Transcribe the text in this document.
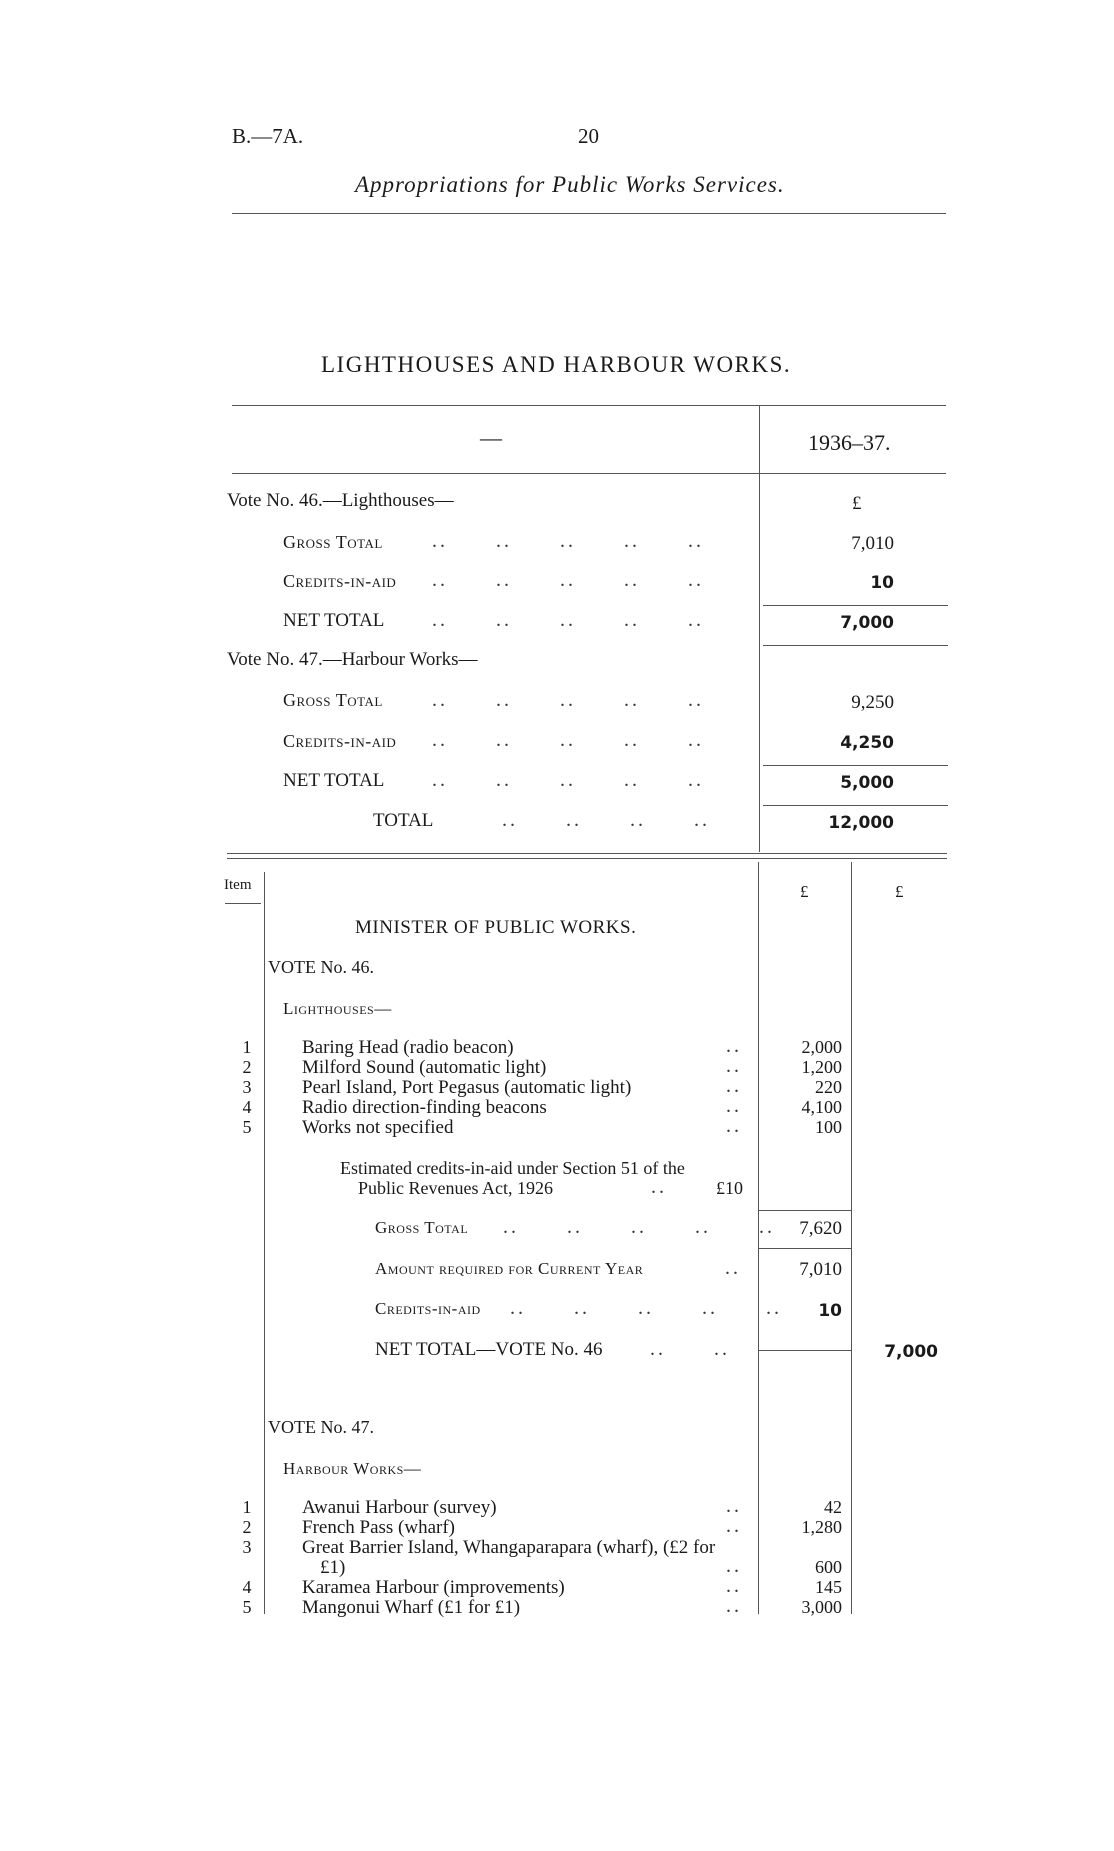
B.—7A.	20
Appropriations for Public Works Services.
LIGHTHOUSES AND HARBOUR WORKS.
—	1936–37.
£
Vote No. 46.—Lighthouses—
Gross Total ..      ..      ..      ..      ..	7,010
Credits-in-aid ..      ..      ..      ..      ..	10
NET TOTAL ..      ..      ..      ..      ..	7,000
Vote No. 47.—Harbour Works—
Gross Total ..      ..      ..      ..      ..	9,250
Credits-in-aid ..      ..      ..      ..      ..	4,250
NET TOTAL ..      ..      ..      ..      ..	5,000
TOTAL	..      ..      ..      ..	12,000
Item	£	£
MINISTER OF PUBLIC WORKS.
VOTE No. 46.
Lighthouses—
1	Baring Head (radio beacon)	..	2,000
2	Milford Sound (automatic light)	..	1,200
3	Pearl Island, Port Pegasus (automatic light)	..	220
4	Radio direction-finding beacons	..	4,100
5	Works not specified	..	100
Estimated credits-in-aid under Section 51 of the
Public Revenues Act, 1926	..	£10
Gross Total ..      ..      ..      ..      ..	7,620
Amount required for Current Year	..	7,010
Credits-in-aid ..      ..      ..      ..      ..	10
NET TOTAL—VOTE No. 46 ..      ..	7,000
VOTE No. 47.
Harbour Works—
1	Awanui Harbour (survey)	..	42
2	French Pass (wharf)	..	1,280
3	Great Barrier Island, Whangaparapara (wharf), (£2 for
£1)	..	600
4	Karamea Harbour (improvements)	..	145
5	Mangonui Wharf (£1 for £1)	..	3,000
